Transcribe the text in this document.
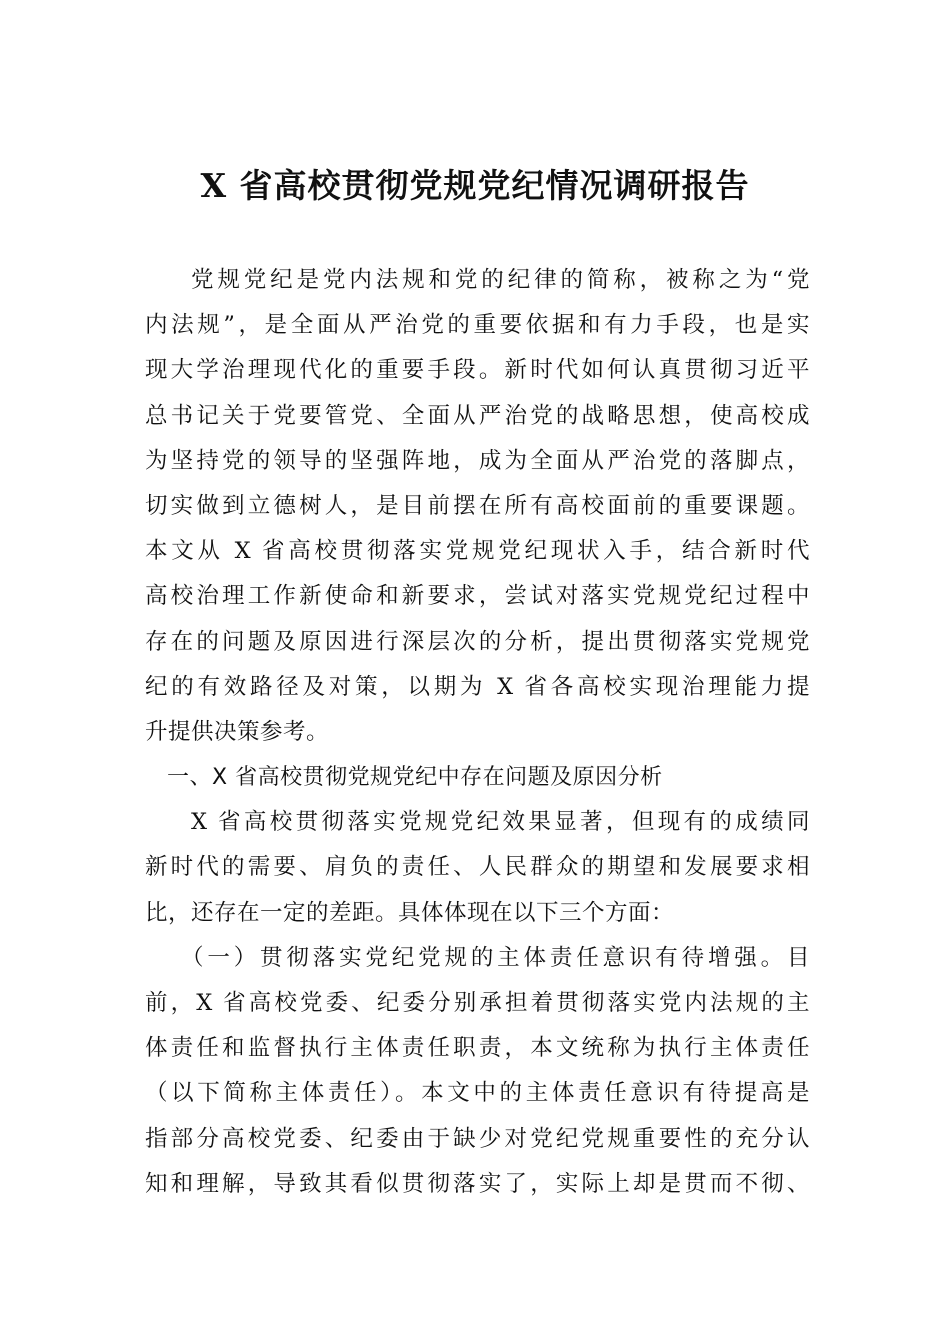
X 省高校贯彻党规党纪情况调研报告
党规党纪是党内法规和党的纪律的简称，被称之为“党
内法规”，是全面从严治党的重要依据和有力手段，也是实
现大学治理现代化的重要手段。新时代如何认真贯彻习近平
总书记关于党要管党、全面从严治党的战略思想，使高校成
为坚持党的领导的坚强阵地，成为全面从严治党的落脚点，
切实做到立德树人，是目前摆在所有高校面前的重要课题。
本文从 X 省高校贯彻落实党规党纪现状入手，结合新时代
高校治理工作新使命和新要求，尝试对落实党规党纪过程中
存在的问题及原因进行深层次的分析，提出贯彻落实党规党
纪的有效路径及对策，以期为 X 省各高校实现治理能力提
升提供决策参考。
一、X 省高校贯彻党规党纪中存在问题及原因分析
X 省高校贯彻落实党规党纪效果显著，但现有的成绩同
新时代的需要、肩负的责任、人民群众的期望和发展要求相
比，还存在一定的差距。具体体现在以下三个方面：
（一）贯彻落实党纪党规的主体责任意识有待增强。目
前，X 省高校党委、纪委分别承担着贯彻落实党内法规的主
体责任和监督执行主体责任职责，本文统称为执行主体责任
（以下简称主体责任）。本文中的主体责任意识有待提高是
指部分高校党委、纪委由于缺少对党纪党规重要性的充分认
知和理解，导致其看似贯彻落实了，实际上却是贯而不彻、
